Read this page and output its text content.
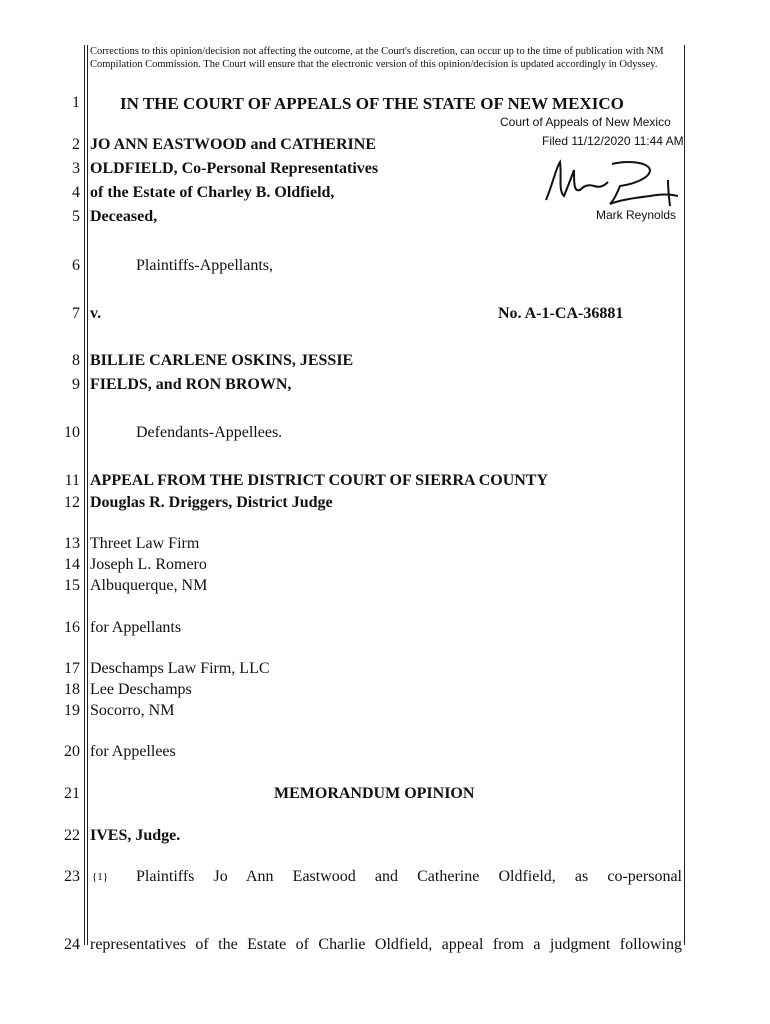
Corrections to this opinion/decision not affecting the outcome, at the Court's discretion, can occur up to the time of publication with NM Compilation Commission. The Court will ensure that the electronic version of this opinion/decision is updated accordingly in Odyssey.
1
2
3
4
5
6
7
8
9
10
11
12
13
14
15
16
17
18
19
20
21
22
23
24
IN THE COURT OF APPEALS OF THE STATE OF NEW MEXICO
Court of Appeals of New Mexico
Filed 11/12/2020 11:44 AM
Mark Reynolds
JO ANN EASTWOOD and CATHERINE
OLDFIELD, Co-Personal Representatives
of the Estate of Charley B. Oldfield,
Deceased,
Plaintiffs-Appellants,
v.	No. A-1-CA-36881
BILLIE CARLENE OSKINS, JESSIE
FIELDS, and RON BROWN,
Defendants-Appellees.
APPEAL FROM THE DISTRICT COURT OF SIERRA COUNTY
Douglas R. Driggers, District Judge
Threet Law Firm
Joseph L. Romero
Albuquerque, NM
for Appellants
Deschamps Law Firm, LLC
Lee Deschamps
Socorro, NM
for Appellees
MEMORANDUM OPINION
IVES, Judge.
{1} Plaintiffs Jo Ann Eastwood and Catherine Oldfield, as co-personal
representatives of the Estate of Charlie Oldfield, appeal from a judgment following
